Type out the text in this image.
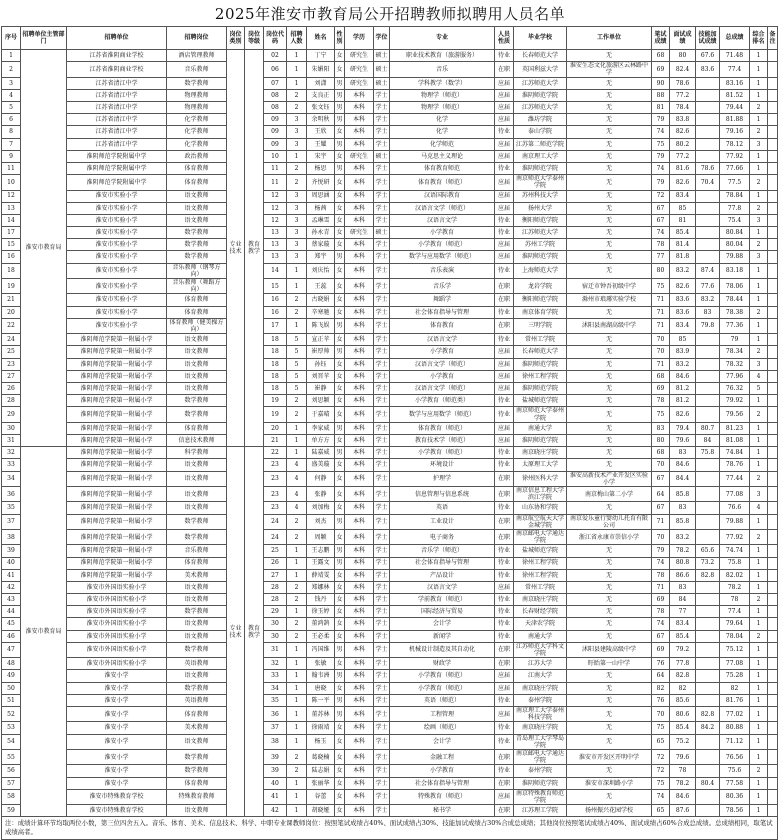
2025年淮安市教育局公开招聘教师拟聘用人员名单
序号	招聘单位主管部门	招聘单位	招聘岗位	岗位类别	岗位等级	岗位代码	招聘人数	姓名	性别	学历	学位	专业	人员性质	毕业学校	工作单位	笔试成绩	面试成绩	技能加试成绩	总成绩	综合排名	备注
1	淮安市教育局	江苏省淮阴商业学校	酒店管理教师	专业技术	教育教学	02	1	丁宁	女	研究生	硕士	职业技术教育（旅游服务）	待业	长春师范大学	无	68	80	67.6	71.48	1	
2		江苏省淮阴商业学校	音乐教师			06	1	朱媚阳	女	研究生	硕士	音乐	在职	英国利兹大学	淮安生态文化旅游区云林路中学	69	82.4	83.6	77.4	1	
3		江苏省清江中学	数学教师			07	1	刘潇	男	研究生	硕士	学科教学（数学）	应届	江苏师范大学	无	90	78.6		83.16	1	
4		江苏省清江中学	物理教师			08	2	支良正	男	本科	学士	物理学（师范）	应届	淮阴师范学院	无	88	77.2		81.52	1	
5		江苏省清江中学	物理教师			08	2	张文钰	男	本科	学士	物理学（师范）	应届	江苏师范大学	无	81	78.4		79.44	2	
6		江苏省清江中学	化学教师			09	3	余明秋	男	本科	学士	化学	应届	潍坊学院	无	79	83.8		81.88	1	
8		江苏省清江中学	化学教师			09	3	王欣	女	本科	学士	化学	待业	泰山学院	无	74	82.6		79.16	2	
7		江苏省清江中学	化学教师			09	3	王耀	男	本科	学士	化学师范	应届	江苏第二师范学院	无	75	80.2		78.12	3	
9		淮阴师范学院附属中学	政治教师			10	1	宋宇	女	研究生	硕士	马克思主义理论	应届	南京理工大学	无	79	77.2		77.92	1	
11		淮阴师范学院附属中学	体育教师			11	2	杨思	男	本科	学士	体育教育师范	待业	淮阴师范学院	无	74	81.6	78.6	77.66	1	
10		淮阴师范学院附属中学	体育教师			11	2	齐悦研	女	本科	学士	体育教育（师范）	应届	南京师范大学泰州学院	无	79	82.6	70.4	77.5	2	
12		淮安市实验小学	语文教师			12	3	周思涵	女	本科	学士	汉语国际教育	应届	苏州科技大学	无	72	83.4		78.84	1	
13		淮安市实验小学	语文教师			12	3	杨茜	女	本科	学士	汉语言文学（师范）	应届	扬州大学	无	67	85		77.8	2	
14		淮安市实验小学	语文教师			12	3	孟琳雪	女	本科	学士	汉语言文学	待业	衡阳师范学院	无	67	81		75.4	3	
17		淮安市实验小学	数学教师			13	3	孙永青	女	研究生	硕士	小学教育	待业	江苏师范大学	无	74	85.4		80.84	1	
15		淮安市实验小学	数学教师			13	3	蔡家璇	女	本科	学士	小学教育（师范）	应届	苏州工学院	无	78	81.4		80.04	2	
16		淮安市实验小学	数学教师			13	3	郑宇	男	本科	学士	数学与应用数学（师范）	应届	淮阴师范学院	无	77	81.8		79.88	3	
18		淮安市实验小学	音乐教师（钢琴方向）			14	1	刘庆怡	女	本科	学士	音乐表演	待业	上海师范大学	无	80	83.2	87.4	83.18	1	
19		淮安市实验小学	音乐教师（舞蹈方向）			15	1	王蕊	女	本科	学士	音乐学	在职	龙岩学院	宿迁市钟吾初级中学	75	82.6	77.6	78.06	1	
21		淮安市实验小学	体育教师			16	2	古晓娟	女	本科	学士	舞蹈学	在职	衡阳师范学院	滁州市琅琊实验学校	71	83.6	83.2	78.44	1	
20		淮安市实验小学	体育教师			16	2	辛寒驰	女	本科	学士	社会体育指导与管理	待业	南京体育学院	无	71	83.6	83	78.38	2	
22		淮安市实验小学	体育教师（健美操方向）			17	1	陈飞娱	男	本科	学士	体育教育	在职	三明学院	沭阳县南湖高级中学	71	83.4	79.8	77.36	1	
24		淮阴师范学院第一附属小学	语文教师			18	5	宣正苹	女	本科	学士	汉语言文学	待业	常州工学院	无	70	85		79	1	
25		淮阴师范学院第一附属小学	语文教师			18	5	崔厚帅	男	本科	学士	小学教育	应届	长春师范大学	无	70	83.9		78.34	2	
23		淮阴师范学院第一附属小学	语文教师			18	5	孙钰	女	本科	学士	汉语言文学（师范）	应届	淮阴师范学院	无	71	83.2		78.32	3	
27		淮阴师范学院第一附属小学	语文教师			18	5	刘晋苹	女	本科	学士	小学教育	应届	徐州工程学院	无	68	84.6		77.96	4	
26		淮阴师范学院第一附属小学	语文教师			18	5	崔静	女	本科	学士	汉语言文学（师范）	应届	淮阴师范学院	无	69	81.2		76.32	5	
28		淮阴师范学院第一附属小学	数学教师			19	2	刘思颖	女	本科	学士	小学教育（师范类）	待业	盐城师范学院	无	78	81.2		79.92	1	
29		淮阴师范学院第一附属小学	数学教师			19	2	于嘉晴	女	本科	学士	数学与应用数学（师范）	待业	南京师范大学泰州学院	无	75	82.6		79.56	2	
30		淮阴师范学院第一附属小学	体育教师			20	1	李家威	男	本科	学士	体育教育（师范）	应届	南通大学	无	83	79.4	80.7	81.23	1	
31		淮阴师范学院第一附属小学	信息技术教师			21	1	单方方	女	本科	学士	教育技术学（师范）	应届	淮阴师范学院	无	80	79.6	84	81.08	1	
32	淮安市教育局	淮阴师范学院第一附属小学	科学教师	专业技术	教育教学	22	1	陆嘉威	男	本科	学士	小学教育（师范）	待业	南京晓庄学院	无	68	83	75.8	74.84	1	
33		淮阴师范学院第一附属小学	语文教师			23	4	盛美璇	女	本科	学士	环境设计	待业	太原理工大学	无	70	84.6		78.76	1	
34		淮阴师范学院第一附属小学	语文教师			23	4	何静	女	本科	学士	护理学	在职	徐州医科大学	淮安高新技术产业开发区实验小学	67	84.4		77.44	2	
36		淮阴师范学院第一附属小学	语文教师			23	4	张静	女	本科	学士	信息管理与信息系统	在职	南京信息工程大学滨江学院	南京梅山第二小学	64	85.8		77.08	3	
35		淮阴师范学院第一附属小学	语文教师			23	4	刘加梅	女	本科	学士	英语	待业	山东协和学院	无	67	83		76.6	4	
37		淮阴师范学院第一附属小学	数学教师			24	2	刘杰	男	本科	学士	工业设计	在职	南京航空航天大学金城学院	南京爱乐童行婴幼儿托育有限公司	71	85.8		79.88	1	
38		淮阴师范学院第一附属小学	数学教师			24	2	周颖	女	本科	学士	电子商务	在职	南京邮电大学通达学院	浙江省永康市崇信小学	70	83.2		77.92	2	
39		淮阴师范学院第一附属小学	音乐教师			25	1	王志鹏	男	本科	学士	音乐学（师范）	待业	盐城师范学院	无	79	78.2	65.6	74.74	1	
40		淮阴师范学院第一附属小学	体育教师			26	1	王露文	男	本科	学士	社会体育指导与管理	待业	徐州工程学院	无	74	80.8	73.2	75.8	1	
41		淮阴师范学院第一附属小学	美术教师			27	1	薛靖雯	女	本科	学士	产品设计	待业	徐州工程学院	无	78	86.6	82.8	82.02	1	
42		淮安市外国语实验小学	语文教师			28	2	郑娜林	女	本科	学士	汉语言文学	应届	常州工学院	无	71	83		78.2	1	
43		淮安市外国语实验小学	语文教师			28	2	钱丹	女	本科	学士	学前教育（师范）	待业	南京晓庄学院	无	69	84		78	2	
44		淮安市外国语实验小学	数学教师			29	1	徐玉婷	女	本科	学士	国际经济与贸易	待业	长春财经学院	无	78	77		77.4	1	
45		淮安市外国语实验小学	语文教师			30	2	董鸿鹄	女	本科	学士	会计学	待业	天津农学院	无	74	83.4		79.64	1	
46		淮安市外国语实验小学	语文教师			30	2	王必柔	女	本科	学士	新闻学	待业	南通大学	无	67	85.4		78.04	2	
47		淮安市外国语实验小学	数学教师			31	1	冯国维	男	本科	学士	机械设计制造及其自动化	在职	江苏师范大学科文学院	沭阳县建陵高级中学	69	79.2		75.12	1	
48		淮安市外国语实验小学	英语教师			32	1	张敏	女	本科	学士	财政学	在职	江苏大学	盱眙第一山中学	76	77.8		77.08	1	
49		淮安小学	语文教师			33	1	翰韦洲	男	本科	学士	小学教育（师范）	应届	江南大学	无	64	82.8		75.28	1	
50		淮安小学	数学教师			34	1	唐晓	女	本科	学士	小学教育（师范）	应届	南京晓庄学院	无	82	82		82	1	
51		淮安小学	英语教师			35	1	陈一平	男	本科	学士	英语（师范）	待业	泰州学院	无	76	85.6		81.76	1	
52		淮安小学	体育教师			36	1	董苏林	男	本科	学士	工程管理	应届	南京理工大学泰州科技学院	无	70	80.6	82.8	77.02	1	
53		淮安小学	美术教师			37	1	徐雨靖	女	本科	学士	绘画（师范）	待业	南京晓庄学院	无	75	85.4	84.2	80.88	1	
54		淮安小学	语文教师			38	1	杨玉	女	本科	学士	会计学	待业	青岛理工大学琴岛学院	无	65	75.2		71.12	1	
55		淮安小学	数学教师			39	2	葛晓楠	女	本科	学士	金融工程	在职	南京邮电大学通达学院	淮安市开发区开明中学	72	79.6		76.56	1	
56		淮安小学	数学教师			39	2	陆志娟	女	本科	学士	小学教育	待业	泰州学院	无	72	78		75.6	2	
57		淮安小学	体育教师			40	1	张丽华	女	本科	学士	社会体育指导与管理	在职	淮阴师范学院	淮安市深圳路小学	75	78.2	80.4	77.58	1	
58		淮安市特殊教育学校	特殊教育教师			41	1	谷蕾	女	本科	学士	特殊教育（师范）	应届	南京特殊教育师范学院	无	74	84.6		80.36	1	
59		淮安市特殊教育学校	语文教师			42	1	胡晓娅	女	本科	学士	秘书学	在职	江苏理工学院	扬州振兴花园学校	65	87.6		78.56	1	
注：成绩计算环节均取两位小数，第三位四舍五入。音乐、体育、美术、信息技术、科学、中职专业课教师岗位：按照笔试成绩占40%、面试成绩占30%、技能加试成绩占30%合成总成绩；其他岗位按照笔试成绩占40%、面试成绩占60%合成总成绩。总成绩相同，取笔试成绩高者。																					
